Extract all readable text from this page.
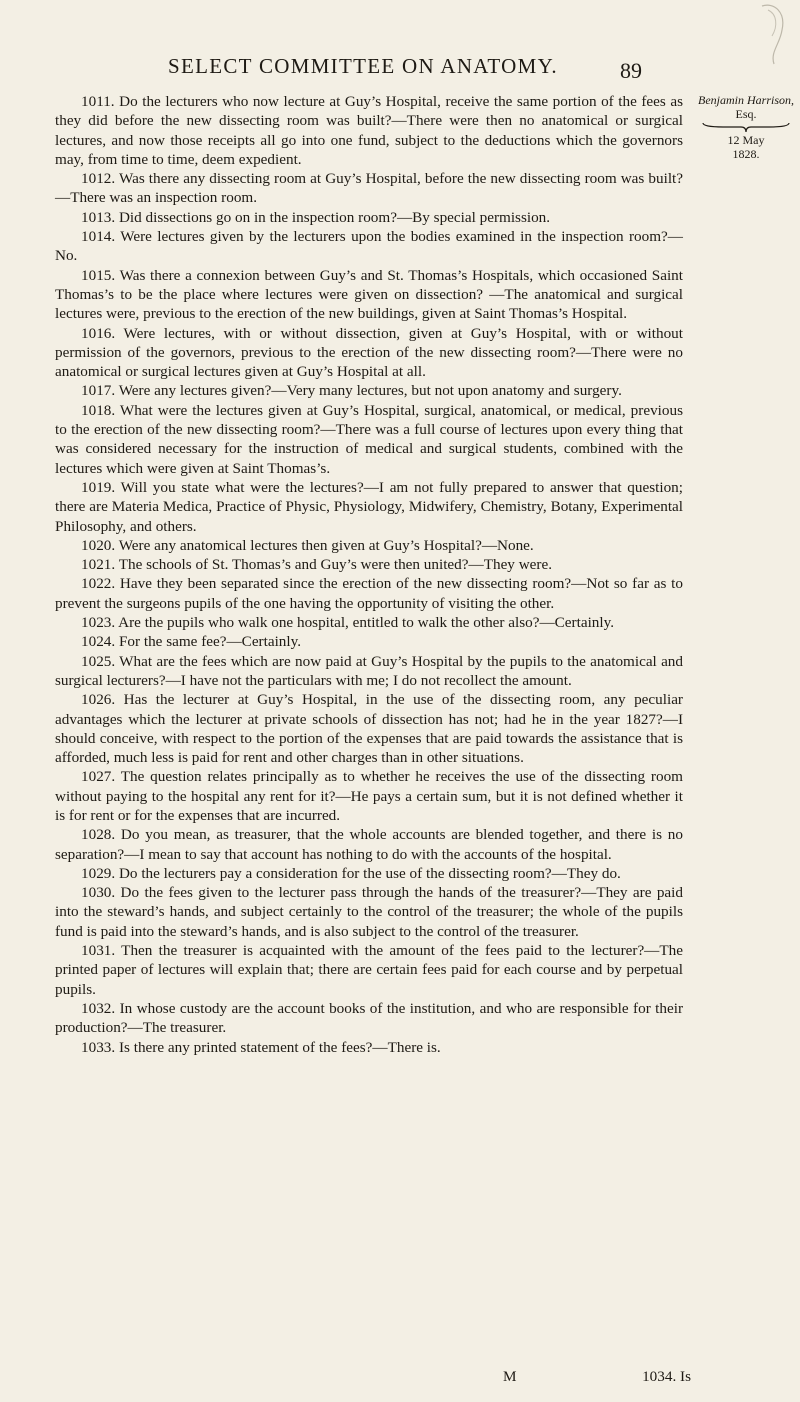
SELECT COMMITTEE ON ANATOMY.	89
Benjamin Harrison,
Esq.
12 May
1828.

1011. Do the lecturers who now lecture at Guy’s Hospital, receive the same portion of the fees as they did before the new dissecting room was built?—There were then no anatomical or surgical lectures, and now those receipts all go into one fund, subject to the deductions which the governors may, from time to time, deem expedient.

1012. Was there any dissecting room at Guy’s Hospital, before the new dissecting room was built?—There was an inspection room.

1013. Did dissections go on in the inspection room?—By special permission.

1014. Were lectures given by the lecturers upon the bodies examined in the inspection room?—No.

1015. Was there a connexion between Guy’s and St. Thomas’s Hospitals, which occasioned Saint Thomas’s to be the place where lectures were given on dissection? —The anatomical and surgical lectures were, previous to the erection of the new buildings, given at Saint Thomas’s Hospital.

1016. Were lectures, with or without dissection, given at Guy’s Hospital, with or without permission of the governors, previous to the erection of the new dissecting room?—There were no anatomical or surgical lectures given at Guy’s Hospital at all.

1017. Were any lectures given?—Very many lectures, but not upon anatomy and surgery.

1018. What were the lectures given at Guy’s Hospital, surgical, anatomical, or medical, previous to the erection of the new dissecting room?—There was a full course of lectures upon every thing that was considered necessary for the instruction of medical and surgical students, combined with the lectures which were given at Saint Thomas’s.

1019. Will you state what were the lectures?—I am not fully prepared to answer that question; there are Materia Medica, Practice of Physic, Physiology, Midwifery, Chemistry, Botany, Experimental Philosophy, and others.

1020. Were any anatomical lectures then given at Guy’s Hospital?—None.

1021. The schools of St. Thomas’s and Guy’s were then united?—They were.

1022. Have they been separated since the erection of the new dissecting room?—Not so far as to prevent the surgeons pupils of the one having the opportunity of visiting the other.

1023. Are the pupils who walk one hospital, entitled to walk the other also?—Certainly.

1024. For the same fee?—Certainly.

1025. What are the fees which are now paid at Guy’s Hospital by the pupils to the anatomical and surgical lecturers?—I have not the particulars with me; I do not recollect the amount.

1026. Has the lecturer at Guy’s Hospital, in the use of the dissecting room, any peculiar advantages which the lecturer at private schools of dissection has not; had he in the year 1827?—I should conceive, with respect to the portion of the expenses that are paid towards the assistance that is afforded, much less is paid for rent and other charges than in other situations.

1027. The question relates principally as to whether he receives the use of the dissecting room without paying to the hospital any rent for it?—He pays a certain sum, but it is not defined whether it is for rent or for the expenses that are incurred.

1028. Do you mean, as treasurer, that the whole accounts are blended together, and there is no separation?—I mean to say that account has nothing to do with the accounts of the hospital.

1029. Do the lecturers pay a consideration for the use of the dissecting room?—They do.

1030. Do the fees given to the lecturer pass through the hands of the treasurer?—They are paid into the steward’s hands, and subject certainly to the control of the treasurer; the whole of the pupils fund is paid into the steward’s hands, and is also subject to the control of the treasurer.

1031. Then the treasurer is acquainted with the amount of the fees paid to the lecturer?—The printed paper of lectures will explain that; there are certain fees paid for each course and by perpetual pupils.

1032. In whose custody are the account books of the institution, and who are responsible for their production?—The treasurer.

1033. Is there any printed statement of the fees?—There is.

M	1034. Is
